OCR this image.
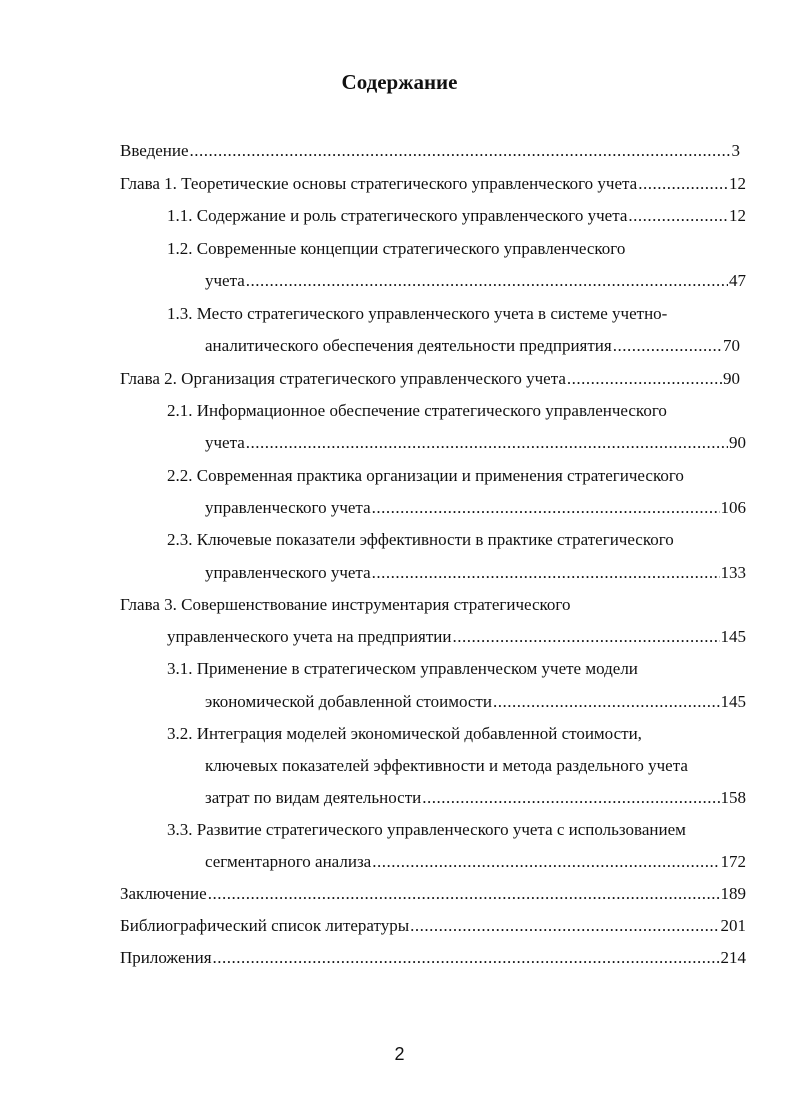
Содержание
Введение .....	3
Глава 1. Теоретические основы стратегического управленческого учета .....	12
1.1. Содержание и роль стратегического управленческого учета .....	12
1.2. Современные концепции стратегического управленческого
учета .....	47
1.3. Место стратегического управленческого учета в системе учетно-
аналитического обеспечения деятельности предприятия .....	70
Глава 2. Организация стратегического управленческого учета .....	90
2.1. Информационное обеспечение стратегического управленческого
учета .....	90
2.2. Современная практика организации и применения стратегического
управленческого учета .....	106
2.3. Ключевые показатели эффективности в практике стратегического
управленческого учета .....	133
Глава 3. Совершенствование инструментария стратегического
управленческого учета на предприятии .....	145
3.1. Применение в стратегическом управленческом учете модели
экономической добавленной стоимости .....	145
3.2. Интеграция моделей экономической добавленной стоимости,
ключевых показателей эффективности и метода раздельного учета
затрат по видам деятельности .....	158
3.3. Развитие стратегического управленческого учета с использованием
сегментарного анализа .....	172
Заключение .....	189
Библиографический список литературы .....	201
Приложения .....	214
2
